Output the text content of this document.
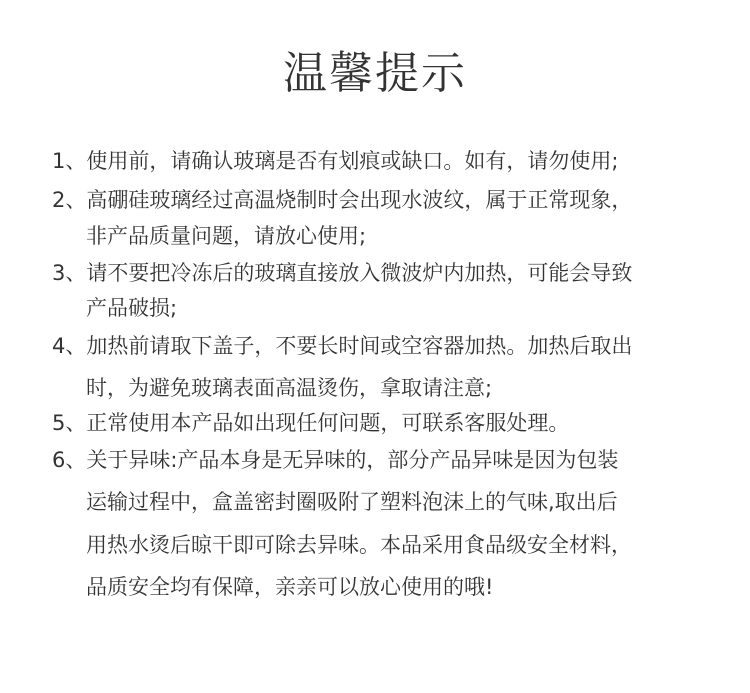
温馨提示
1、使用前，请确认玻璃是否有划痕或缺口。如有，请勿使用;
2、高硼硅玻璃经过高温烧制时会出现水波纹，属于正常现象，
非产品质量问题，请放心使用;
3、请不要把冷冻后的玻璃直接放入微波炉内加热，可能会导致
产品破损;
4、加热前请取下盖子，不要长时间或空容器加热。加热后取出
时，为避免玻璃表面高温烫伤，拿取请注意;
5、正常使用本产品如出现任何问题，可联系客服处理。
6、关于异味:产品本身是无异味的，部分产品异味是因为包装
运输过程中，盒盖密封圈吸附了塑料泡沫上的气味,取出后
用热水烫后晾干即可除去异味。本品采用食品级安全材料，
品质安全均有保障，亲亲可以放心使用的哦!
